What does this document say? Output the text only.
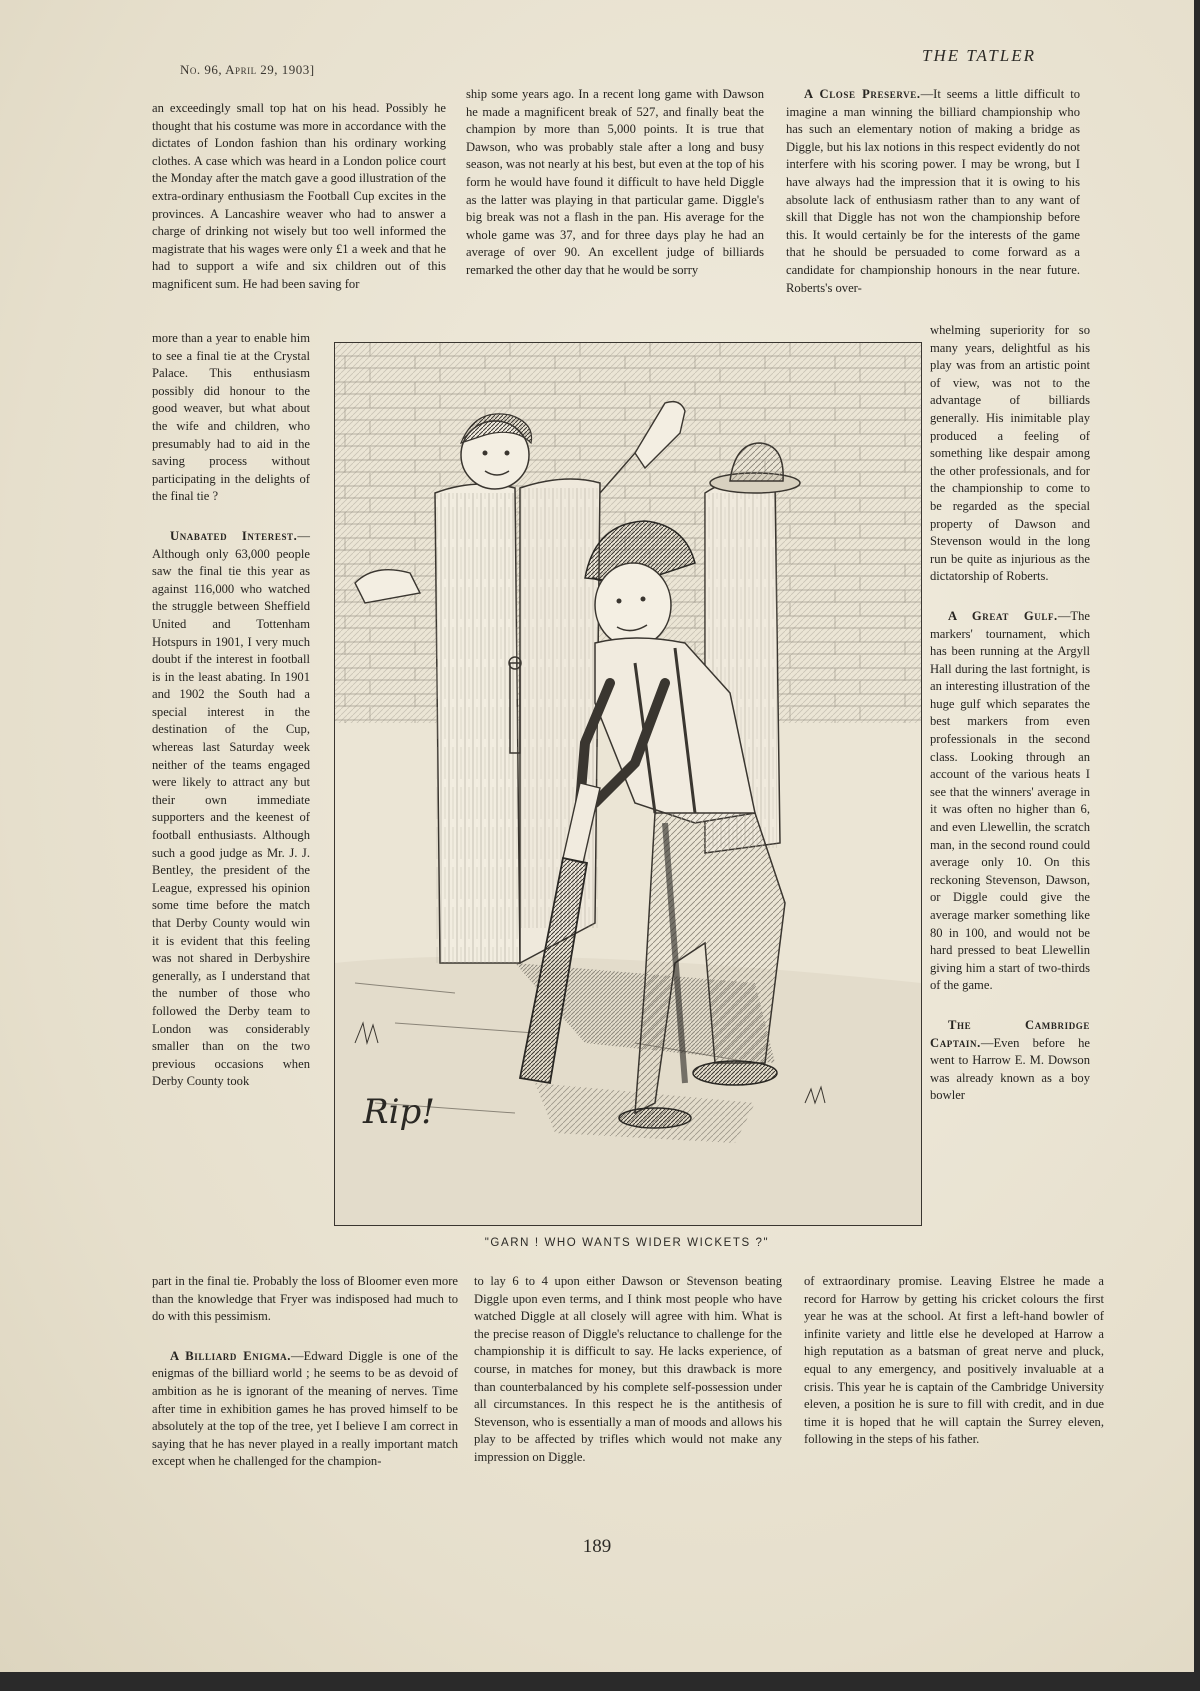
No. 96, April 29, 1903]
THE TATLER

an exceedingly small top hat on his head. Possibly he thought that his costume was more in accordance with the dictates of London fashion than his ordinary working clothes. A case which was heard in a London police court the Monday after the match gave a good illustration of the extra-ordinary enthusiasm the Football Cup excites in the provinces. A Lancashire weaver who had to answer a charge of drinking not wisely but too well informed the magistrate that his wages were only £1 a week and that he had to support a wife and six children out of this magnificent sum. He had been saving for

more than a year to enable him to see a final tie at the Crystal Palace. This enthusiasm possibly did honour to the good weaver, but what about the wife and children, who presumably had to aid in the saving process without participating in the delights of the final tie ?

Unabated Interest.—Although only 63,000 people saw the final tie this year as against 116,000 who watched the struggle between Sheffield United and Tottenham Hotspurs in 1901, I very much doubt if the interest in football is in the least abating. In 1901 and 1902 the South had a special interest in the destination of the Cup, whereas last Saturday week neither of the teams engaged were likely to attract any but their own immediate supporters and the keenest of football enthusiasts. Although such a good judge as Mr. J. J. Bentley, the president of the League, expressed his opinion some time before the match that Derby County would win it is evident that this feeling was not shared in Derbyshire generally, as I understand that the number of those who followed the Derby team to London was considerably smaller than on the two previous occasions when Derby County took

part in the final tie. Probably the loss of Bloomer even more than the knowledge that Fryer was indisposed had much to do with this pessimism.

A Billiard Enigma.—Edward Diggle is one of the enigmas of the billiard world ; he seems to be as devoid of ambition as he is ignorant of the meaning of nerves. Time after time in exhibition games he has proved himself to be absolutely at the top of the tree, yet I believe I am correct in saying that he has never played in a really important match except when he challenged for the champion-

ship some years ago. In a recent long game with Dawson he made a magnificent break of 527, and finally beat the champion by more than 5,000 points. It is true that Dawson, who was probably stale after a long and busy season, was not nearly at his best, but even at the top of his form he would have found it difficult to have held Diggle as the latter was playing in that particular game. Diggle's big break was not a flash in the pan. His average for the whole game was 37, and for three days play he had an average of over 90. An excellent judge of billiards remarked the other day that he would be sorry

Rip!
"GARN ! WHO WANTS WIDER WICKETS ?"

to lay 6 to 4 upon either Dawson or Stevenson beating Diggle upon even terms, and I think most people who have watched Diggle at all closely will agree with him. What is the precise reason of Diggle's reluctance to challenge for the championship it is difficult to say. He lacks experience, of course, in matches for money, but this drawback is more than counterbalanced by his complete self-possession under all circumstances. In this respect he is the antithesis of Stevenson, who is essentially a man of moods and allows his play to be affected by trifles which would not make any impression on Diggle.

A Close Preserve.—It seems a little difficult to imagine a man winning the billiard championship who has such an elementary notion of making a bridge as Diggle, but his lax notions in this respect evidently do not interfere with his scoring power. I may be wrong, but I have always had the impression that it is owing to his absolute lack of enthusiasm rather than to any want of skill that Diggle has not won the championship before this. It would certainly be for the interests of the game that he should be persuaded to come forward as a candidate for championship honours in the near future. Roberts's over-

whelming superiority for so many years, delightful as his play was from an artistic point of view, was not to the advantage of billiards generally. His inimitable play produced a feeling of something like despair among the other professionals, and for the championship to come to be regarded as the special property of Dawson and Stevenson would in the long run be quite as injurious as the dictatorship of Roberts.

A Great Gulf.—The markers' tournament, which has been running at the Argyll Hall during the last fortnight, is an interesting illustration of the huge gulf which separates the best markers from even professionals in the second class. Looking through an account of the various heats I see that the winners' average in it was often no higher than 6, and even Llewellin, the scratch man, in the second round could average only 10. On this reckoning Stevenson, Dawson, or Diggle could give the average marker something like 80 in 100, and would not be hard pressed to beat Llewellin giving him a start of two-thirds of the game.

The Cambridge Captain.—Even before he went to Harrow E. M. Dowson was already known as a boy bowler

of extraordinary promise. Leaving Elstree he made a record for Harrow by getting his cricket colours the first year he was at the school. At first a left-hand bowler of infinite variety and little else he developed at Harrow a high reputation as a batsman of great nerve and pluck, equal to any emergency, and positively invaluable at a crisis. This year he is captain of the Cambridge University eleven, a position he is sure to fill with credit, and in due time it is hoped that he will captain the Surrey eleven, following in the steps of his father.

189
